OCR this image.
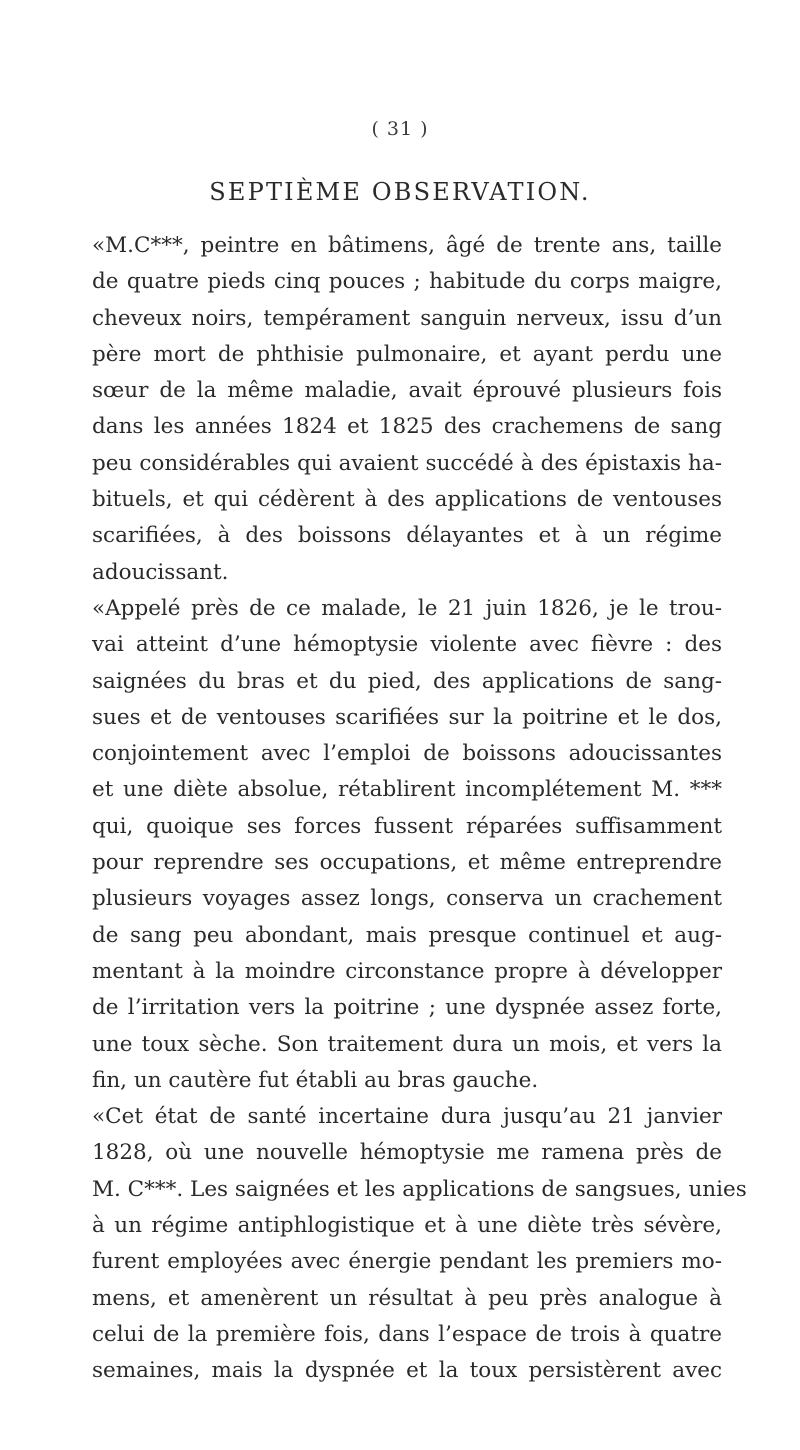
( 31 )
SEPTIÈME OBSERVATION.
«M.C***, peintre en bâtimens, âgé de trente ans, taille
de quatre pieds cinq pouces ; habitude du corps maigre,
cheveux noirs, tempérament sanguin nerveux, issu d’un
père mort de phthisie pulmonaire, et ayant perdu une
sœur de la même maladie, avait éprouvé plusieurs fois
dans les années 1824 et 1825 des crachemens de sang
peu considérables qui avaient succédé à des épistaxis ha-
bituels, et qui cédèrent à des applications de ventouses
scarifiées, à des boissons délayantes et à un régime
adoucissant.
«Appelé près de ce malade, le 21 juin 1826, je le trou-
vai atteint d’une hémoptysie violente avec fièvre : des
saignées du bras et du pied, des applications de sang-
sues et de ventouses scarifiées sur la poitrine et le dos,
conjointement avec l’emploi de boissons adoucissantes
et une diète absolue, rétablirent incomplétement M. ***
qui, quoique ses forces fussent réparées suffisamment
pour reprendre ses occupations, et même entreprendre
plusieurs voyages assez longs, conserva un crachement
de sang peu abondant, mais presque continuel et aug-
mentant à la moindre circonstance propre à développer
de l’irritation vers la poitrine ; une dyspnée assez forte,
une toux sèche. Son traitement dura un mois, et vers la
fin, un cautère fut établi au bras gauche.
«Cet état de santé incertaine dura jusqu’au 21 janvier
1828, où une nouvelle hémoptysie me ramena près de
M. C***. Les saignées et les applications de sangsues, unies
à un régime antiphlogistique et à une diète très sévère,
furent employées avec énergie pendant les premiers mo-
mens, et amenèrent un résultat à peu près analogue à
celui de la première fois, dans l’espace de trois à quatre
semaines, mais la dyspnée et la toux persistèrent avec
